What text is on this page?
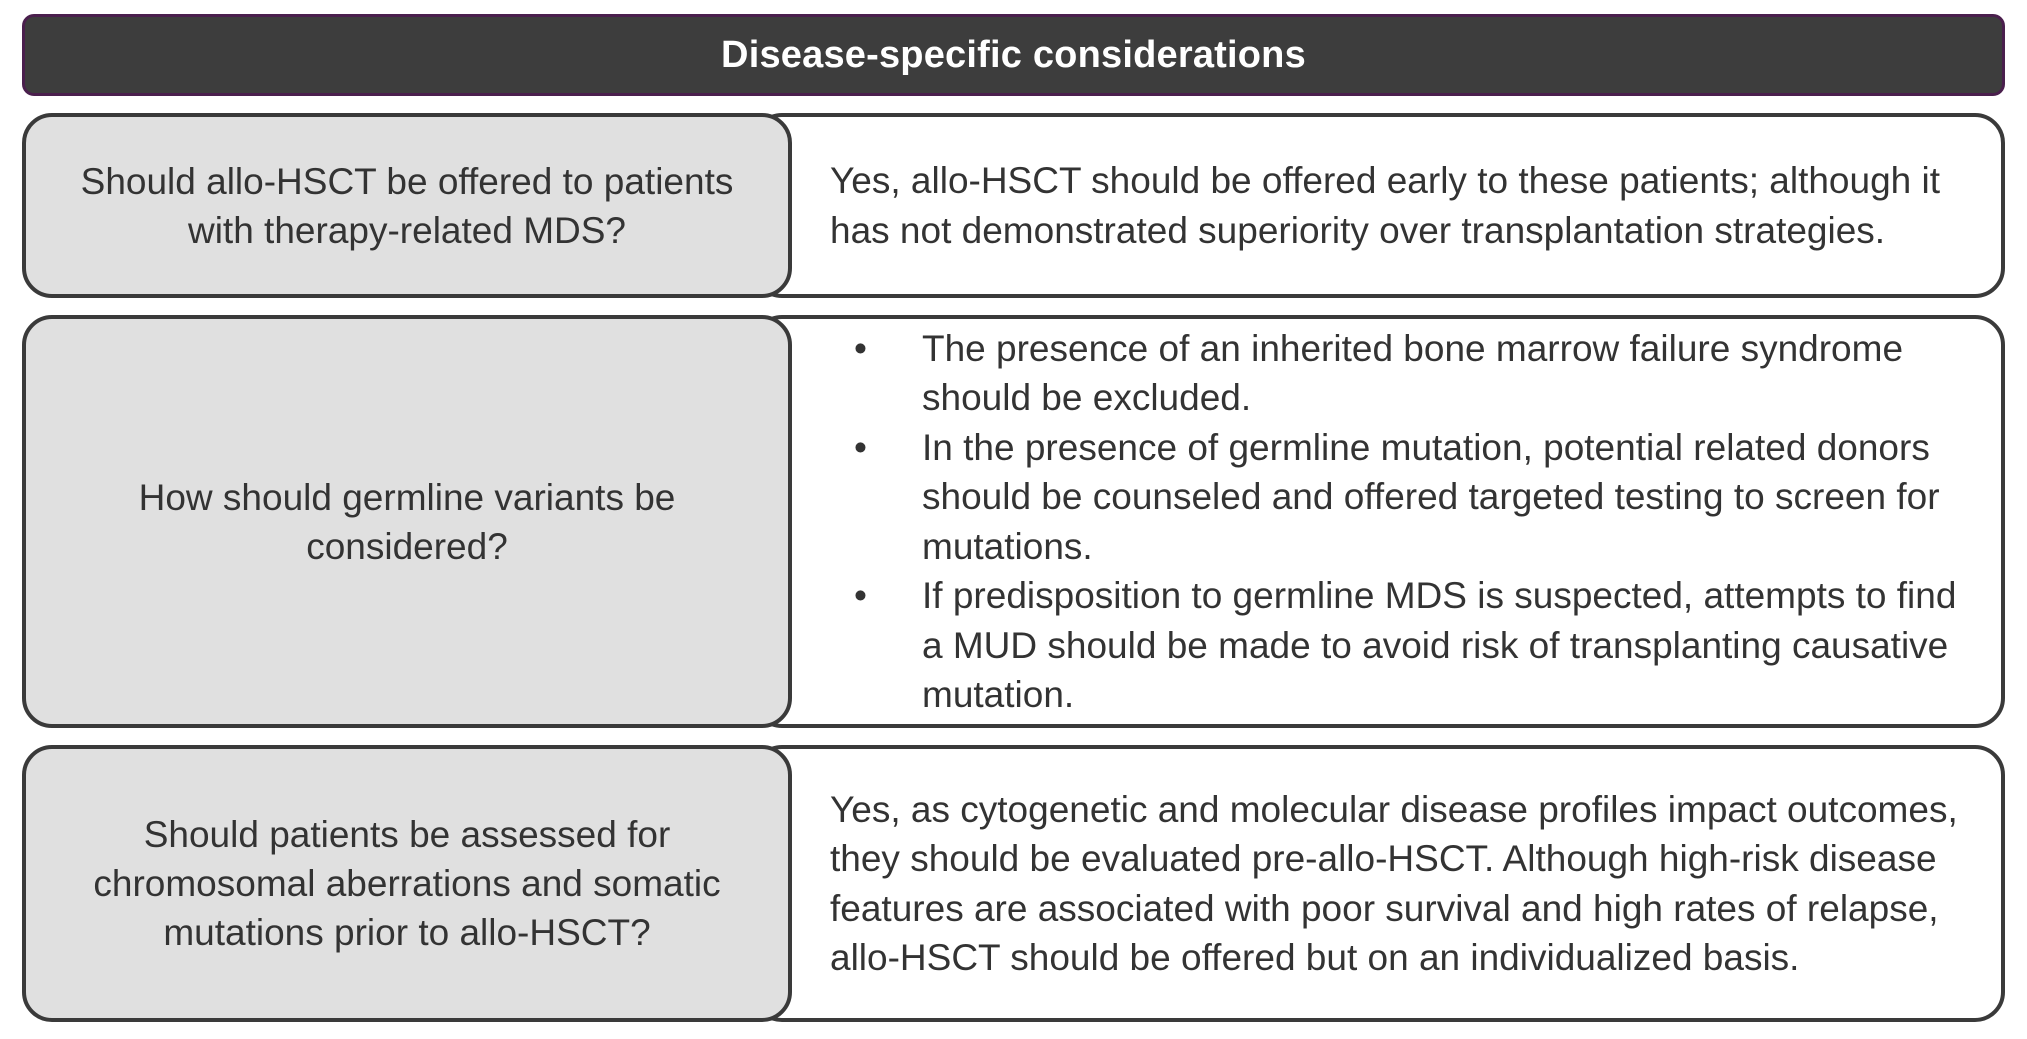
Disease-specific considerations

Should allo-HSCT be offered to patients with therapy-related MDS?

Yes, allo-HSCT should be offered early to these patients; although it has not demonstrated superiority over transplantation strategies.

How should germline variants be considered?

• The presence of an inherited bone marrow failure syndrome should be excluded.
• In the presence of germline mutation, potential related donors should be counseled and offered targeted testing to screen for mutations.
• If predisposition to germline MDS is suspected, attempts to find a MUD should be made to avoid risk of transplanting causative mutation.

Should patients be assessed for chromosomal aberrations and somatic mutations prior to allo-HSCT?

Yes, as cytogenetic and molecular disease profiles impact outcomes, they should be evaluated pre-allo-HSCT. Although high-risk disease features are associated with poor survival and high rates of relapse, allo-HSCT should be offered but on an individualized basis.
